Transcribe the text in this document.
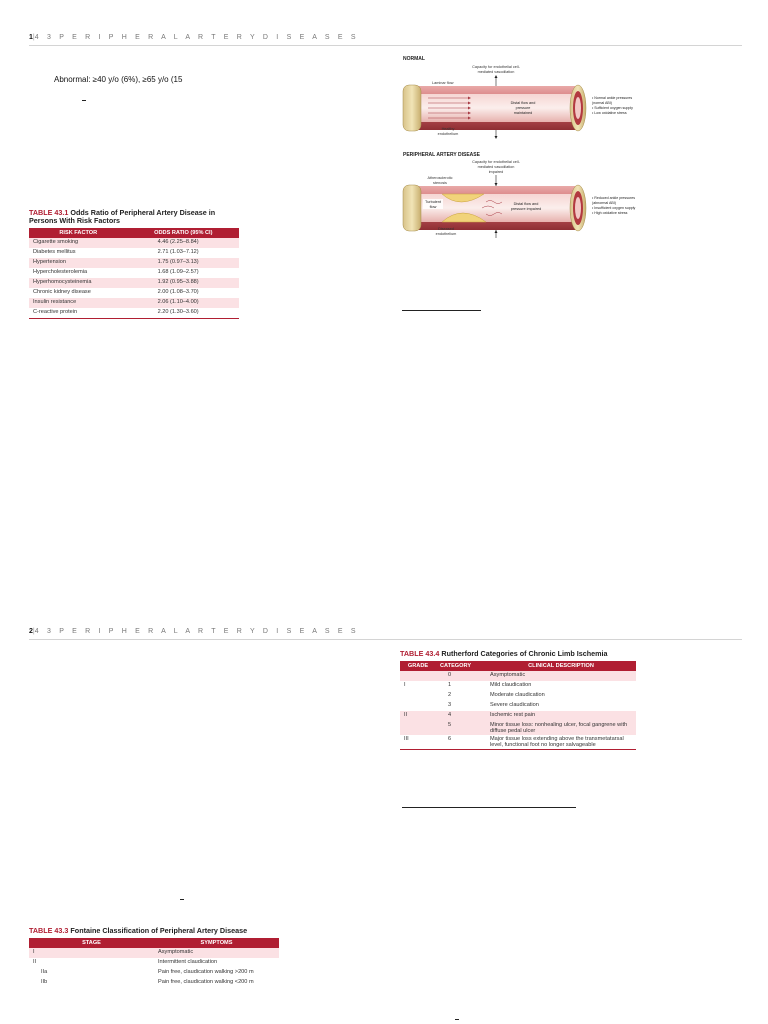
1|4 3 P E R I P H E R A L A R T E R Y D I S E A S E S
Abnormal: ≥40 y/o (6%), ≥65 y/o (15
TABLE 43.1 Odds Ratio of Peripheral Artery Disease in Persons With Risk Factors
RISK FACTOR	ODDS RATIO (95% CI)
Cigarette smoking	4.46 (2.25–8.84)
Diabetes mellitus	2.71 (1.03–7.12)
Hypertension	1.75 (0.97–3.13)
Hypercholesterolemia	1.68 (1.09–2.57)
Hyperhomocysteinemia	1.92 (0.95–3.88)
Chronic kidney disease	2.00 (1.08–3.70)
Insulin resistance	2.06 (1.10–4.00)
C-reactive protein	2.20 (1.30–3.60)
NORMAL
Capacity for endothelial cell-
mediated vasodilation
Laminar flow
Distal flow and
pressure
maintained
Healthy
endothelium
• Normal ankle pressures
(normal ABI)
• Sufficient oxygen supply
• Low oxidative stress
PERIPHERAL ARTERY DISEASE
Capacity for endothelial cell-
mediated vasodilation
impaired
Atherosclerotic
stenosis
Turbulent
flow
Distal flow and
pressure impaired
Diseased
endothelium
• Reduced ankle pressures
(abnormal ABI)
• Insufficient oxygen supply
• High oxidative stress
2|4 3 P E R I P H E R A L A R T E R Y D I S E A S E S
TABLE 43.4 Rutherford Categories of Chronic Limb Ischemia
GRADE	CATEGORY	CLINICAL DESCRIPTION
	0	Asymptomatic
I	1	Mild claudication
	2	Moderate claudication
	3	Severe claudication
II	4	Ischemic rest pain
	5	Minor tissue loss: nonhealing ulcer, focal gangrene with diffuse pedal ulcer
III	6	Major tissue loss extending above the transmetatarsal level, functional foot no longer salvageable
TABLE 43.3 Fontaine Classification of Peripheral Artery Disease
STAGE	SYMPTOMS
I	Asymptomatic
II	Intermittent claudication
IIa	Pain free, claudication walking >200 m
IIb	Pain free, claudication walking <200 m
